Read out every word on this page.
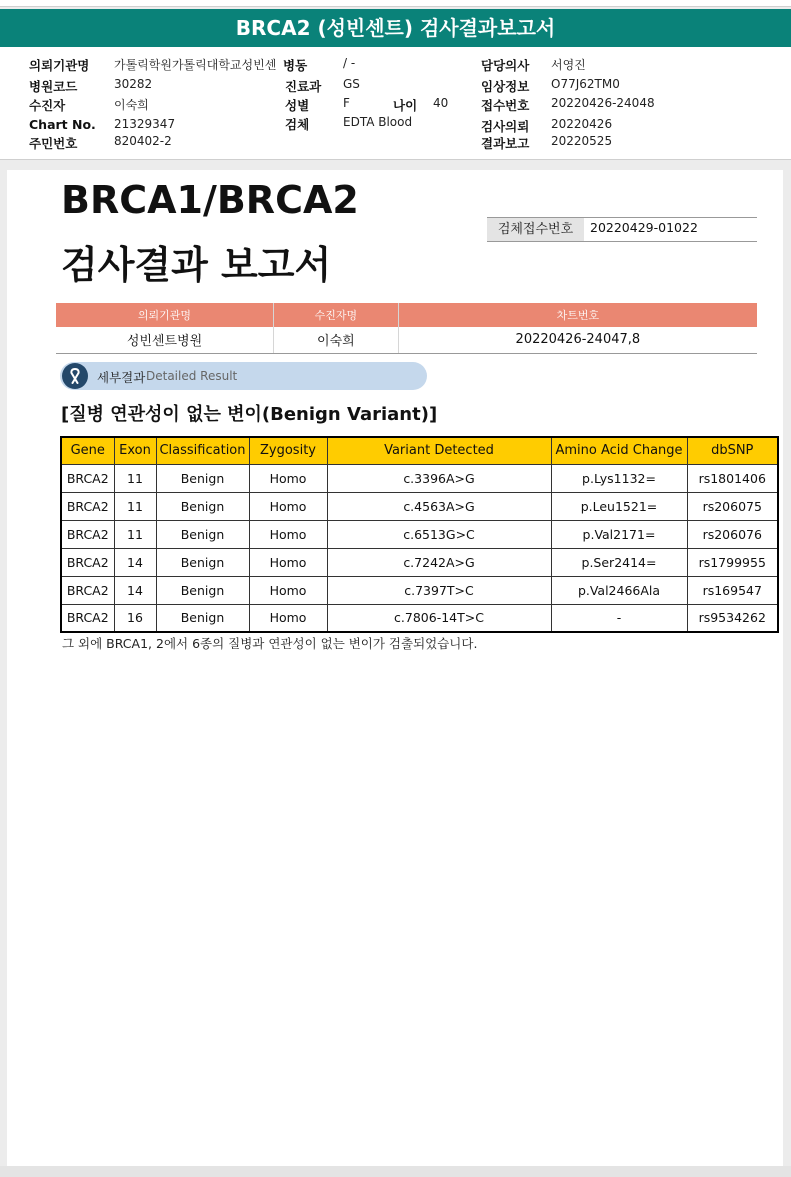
BRCA2 (성빈센트) 검사결과보고서
의뢰기관명 가톨릭학원가톨릭대학교성빈센 병동	/ -
병원코드	30282	진료과 GS
수진자	이숙희	성별	F	나이 40
Chart No. 21329347	검체	EDTA Blood
주민번호	820402-2
담당의사 서영진
임상정보 O77J62TM0
접수번호 20220426-24048
검사의뢰 20220426
결과보고 20220525
BRCA1/BRCA2
검사결과 보고서
검체접수번호	20220429-01022
의뢰기관명	수진자명	차트번호
성빈센트병원	이숙희	20220426-24047,8
세부결과 Detailed Result
[질병 연관성이 없는 변이(Benign Variant)]
Gene	Exon	Classification	Zygosity	Variant Detected	Amino Acid Change	dbSNP
BRCA2	11	Benign	Homo	c.3396A>G	p.Lys1132=	rs1801406
BRCA2	11	Benign	Homo	c.4563A>G	p.Leu1521=	rs206075
BRCA2	11	Benign	Homo	c.6513G>C	p.Val2171=	rs206076
BRCA2	14	Benign	Homo	c.7242A>G	p.Ser2414=	rs1799955
BRCA2	14	Benign	Homo	c.7397T>C	p.Val2466Ala	rs169547
BRCA2	16	Benign	Homo	c.7806-14T>C	-	rs9534262
그 외에 BRCA1, 2에서 6종의 질병과 연관성이 없는 변이가 검출되었습니다.
